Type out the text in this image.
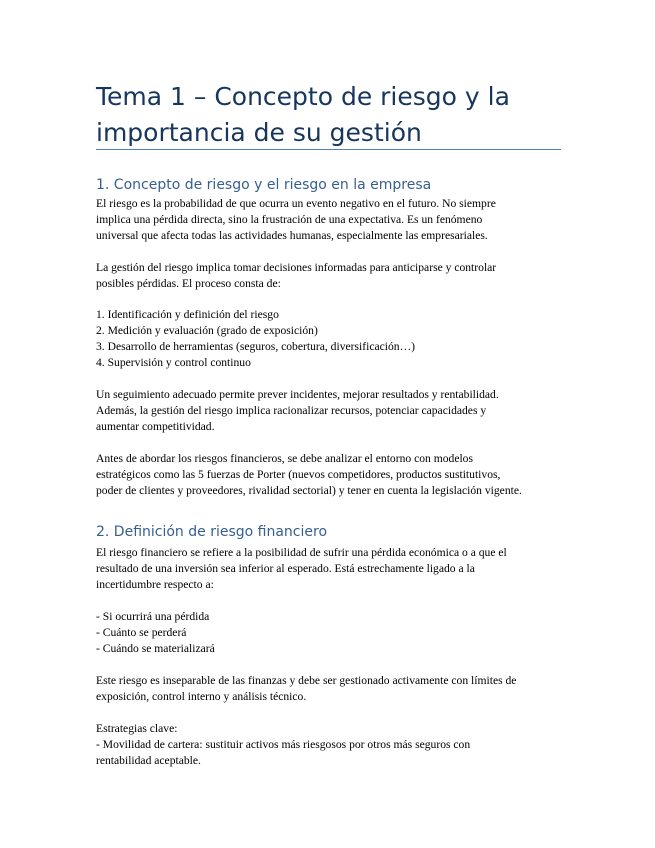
Tema 1 – Concepto de riesgo y la
importancia de su gestión
1. Concepto de riesgo y el riesgo en la empresa

El riesgo es la probabilidad de que ocurra un evento negativo en el futuro. No siempre

implica una pérdida directa, sino la frustración de una expectativa. Es un fenómeno

universal que afecta todas las actividades humanas, especialmente las empresariales.

La gestión del riesgo implica tomar decisiones informadas para anticiparse y controlar

posibles pérdidas. El proceso consta de:

1. Identificación y definición del riesgo

2. Medición y evaluación (grado de exposición)

3. Desarrollo de herramientas (seguros, cobertura, diversificación…)

4. Supervisión y control continuo

Un seguimiento adecuado permite prever incidentes, mejorar resultados y rentabilidad.

Además, la gestión del riesgo implica racionalizar recursos, potenciar capacidades y

aumentar competitividad.

Antes de abordar los riesgos financieros, se debe analizar el entorno con modelos

estratégicos como las 5 fuerzas de Porter (nuevos competidores, productos sustitutivos,

poder de clientes y proveedores, rivalidad sectorial) y tener en cuenta la legislación vigente.

2. Definición de riesgo financiero

El riesgo financiero se refiere a la posibilidad de sufrir una pérdida económica o a que el

resultado de una inversión sea inferior al esperado. Está estrechamente ligado a la

incertidumbre respecto a:

- Si ocurrirá una pérdida

- Cuánto se perderá

- Cuándo se materializará

Este riesgo es inseparable de las finanzas y debe ser gestionado activamente con límites de

exposición, control interno y análisis técnico.

Estrategias clave:

- Movilidad de cartera: sustituir activos más riesgosos por otros más seguros con

rentabilidad aceptable.
